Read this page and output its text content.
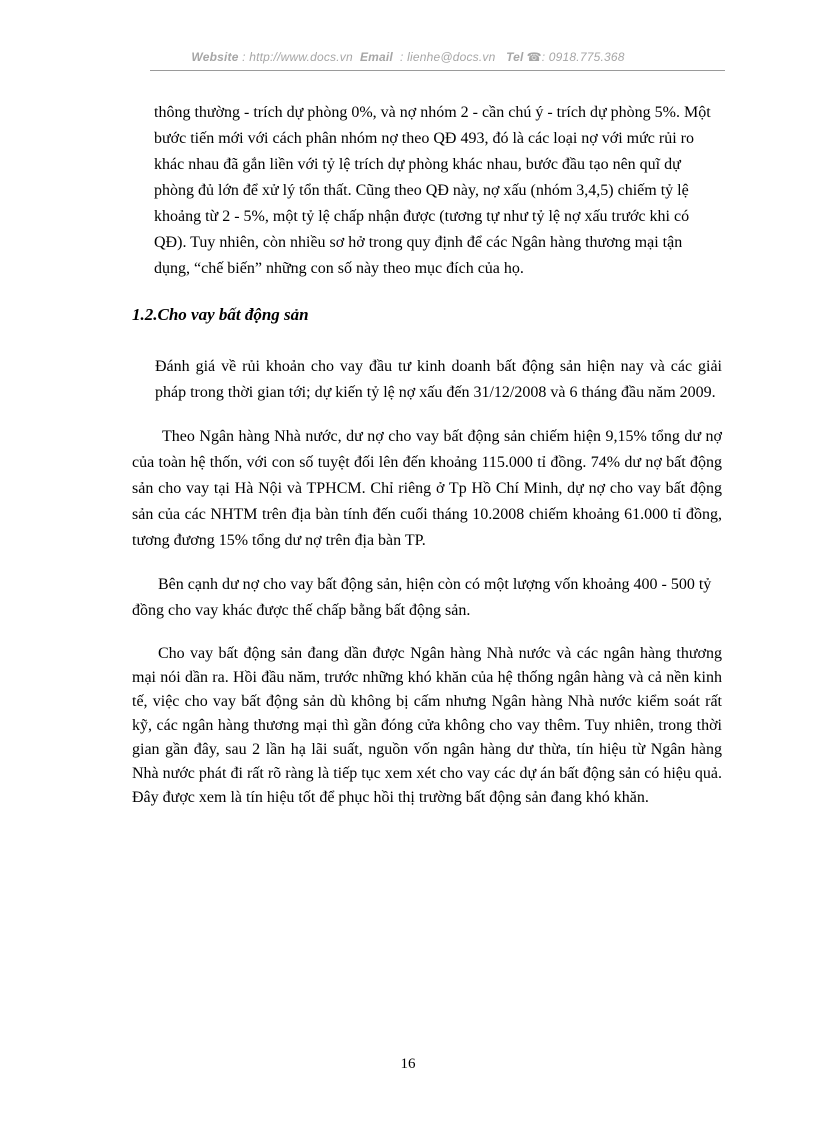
Website : http://www.docs.vn Email : lienhe@docs.vn Tel ☎: 0918.775.368

thông thường - trích dự phòng 0%, và nợ nhóm 2 - cần chú ý - trích dự phòng 5%. Một bước tiến mới với cách phân nhóm nợ theo QĐ 493, đó là các loại nợ với mức rủi ro khác nhau đã gắn liền với tỷ lệ trích dự phòng khác nhau, bước đầu tạo nên quĩ dự phòng đủ lớn để xử lý tổn thất. Cũng theo QĐ này, nợ xấu (nhóm 3,4,5) chiếm tỷ lệ khoảng từ 2 - 5%, một tỷ lệ chấp nhận được (tương tự như tỷ lệ nợ xấu trước khi có QĐ). Tuy nhiên, còn nhiều sơ hở trong quy định để các Ngân hàng thương mại tận dụng, “chế biến” những con số này theo mục đích của họ.

1.2.Cho vay bất động sản

Đánh giá về rủi khoản cho vay đầu tư kinh doanh bất động sản hiện nay và các giải pháp trong thời gian tới; dự kiến tỷ lệ nợ xấu đến 31/12/2008 và 6 tháng đầu năm 2009.

Theo Ngân hàng Nhà nước, dư nợ cho vay bất động sản chiếm hiện 9,15% tổng dư nợ của toàn hệ thốn, với con số tuyệt đối lên đến khoảng 115.000 tỉ đồng. 74% dư nợ bất động sản cho vay tại Hà Nội và TPHCM. Chỉ riêng ở Tp Hồ Chí Minh, dự nợ cho vay bất động sản của các NHTM trên địa bàn tính đến cuối tháng 10.2008 chiếm khoảng 61.000 tỉ đồng, tương đương 15% tổng dư nợ trên địa bàn TP.

Bên cạnh dư nợ cho vay bất động sản, hiện còn có một lượng vốn khoảng 400 - 500 tỷ đồng cho vay khác được thế chấp bằng bất động sản.

Cho vay bất động sản đang dần được Ngân hàng Nhà nước và các ngân hàng thương mại nói dần ra. Hồi đầu năm, trước những khó khăn của hệ thống ngân hàng và cả nền kinh tế, việc cho vay bất động sản dù không bị cấm nhưng Ngân hàng Nhà nước kiểm soát rất kỹ, các ngân hàng thương mại thì gần đóng cửa không cho vay thêm. Tuy nhiên, trong thời gian gần đây, sau 2 lần hạ lãi suất, nguồn vốn ngân hàng dư thừa, tín hiệu từ Ngân hàng Nhà nước phát đi rất rõ ràng là tiếp tục xem xét cho vay các dự án bất động sản có hiệu quả. Đây được xem là tín hiệu tốt để phục hồi thị trường bất động sản đang khó khăn.

16
